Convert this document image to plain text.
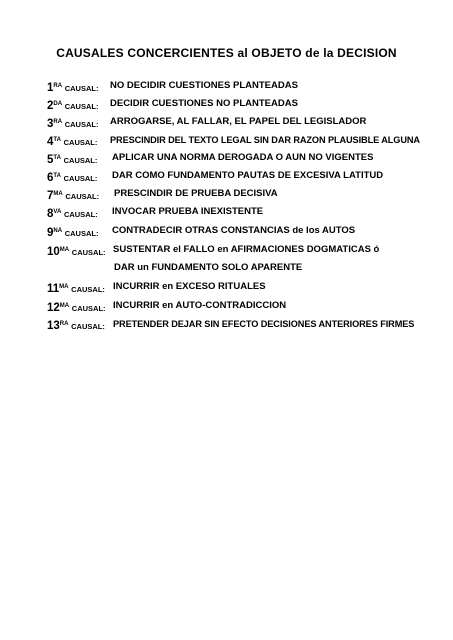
CAUSALES CONCERCIENTES al OBJETO de la DECISION
$1^{RA}$ CAUSAL: NO DECIDIR CUESTIONES PLANTEADAS
$2^{DA}$ CAUSAL: DECIDIR CUESTIONES NO PLANTEADAS
$3^{RA}$ CAUSAL: ARROGARSE, AL FALLAR, EL PAPEL DEL LEGISLADOR
$4^{TA}$ CAUSAL: PRESCINDIR DEL TEXTO LEGAL SIN DAR RAZON PLAUSIBLE ALGUNA
$5^{TA}$ CAUSAL: APLICAR UNA NORMA DEROGADA O AUN NO VIGENTES
$6^{TA}$ CAUSAL: DAR COMO FUNDAMENTO PAUTAS DE EXCESIVA LATITUD
$7^{MA}$ CAUSAL: PRESCINDIR DE PRUEBA DECISIVA
$8^{VA}$ CAUSAL: INVOCAR PRUEBA INEXISTENTE
$9^{NA}$ CAUSAL: CONTRADECIR OTRAS CONSTANCIAS de los AUTOS
$10^{MA}$ CAUSAL: SUSTENTAR el FALLO en AFIRMACIONES DOGMATICAS ó
DAR un FUNDAMENTO SOLO APARENTE
$11^{MA}$ CAUSAL: INCURRIR en EXCESO RITUALES
$12^{MA}$ CAUSAL: INCURRIR en AUTO-CONTRADICCION
$13^{RA}$ CAUSAL: PRETENDER DEJAR SIN EFECTO DECISIONES ANTERIORES FIRMES
